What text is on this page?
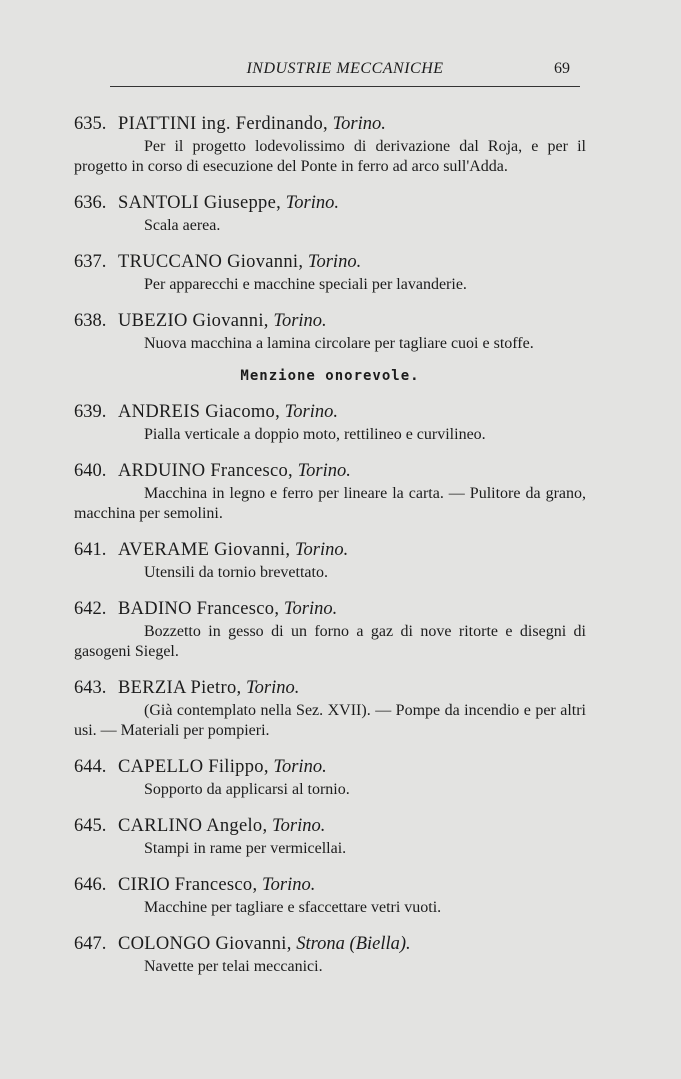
INDUSTRIE MECCANICHE	69
635. PIATTINI ing. Ferdinando, Torino.
Per il progetto lodevolissimo di derivazione dal Roja, e per il progetto in corso di esecuzione del Ponte in ferro ad arco sull'Adda.
636. SANTOLI Giuseppe, Torino.
Scala aerea.
637. TRUCCANO Giovanni, Torino.
Per apparecchi e macchine speciali per lavanderie.
638. UBEZIO Giovanni, Torino.
Nuova macchina a lamina circolare per tagliare cuoi e stoffe.
Menzione onorevole.
639. ANDREIS Giacomo, Torino.
Pialla verticale a doppio moto, rettilineo e curvilineo.
640. ARDUINO Francesco, Torino.
Macchina in legno e ferro per lineare la carta. — Pulitore da grano, macchina per semolini.
641. AVERAME Giovanni, Torino.
Utensili da tornio brevettato.
642. BADINO Francesco, Torino.
Bozzetto in gesso di un forno a gaz di nove ritorte e disegni di gasogeni Siegel.
643. BERZIA Pietro, Torino.
(Già contemplato nella Sez. XVII). — Pompe da incendio e per altri usi. — Materiali per pompieri.
644. CAPELLO Filippo, Torino.
Sopporto da applicarsi al tornio.
645. CARLINO Angelo, Torino.
Stampi in rame per vermicellai.
646. CIRIO Francesco, Torino.
Macchine per tagliare e sfaccettare vetri vuoti.
647. COLONGO Giovanni, Strona (Biella).
Navette per telai meccanici.
